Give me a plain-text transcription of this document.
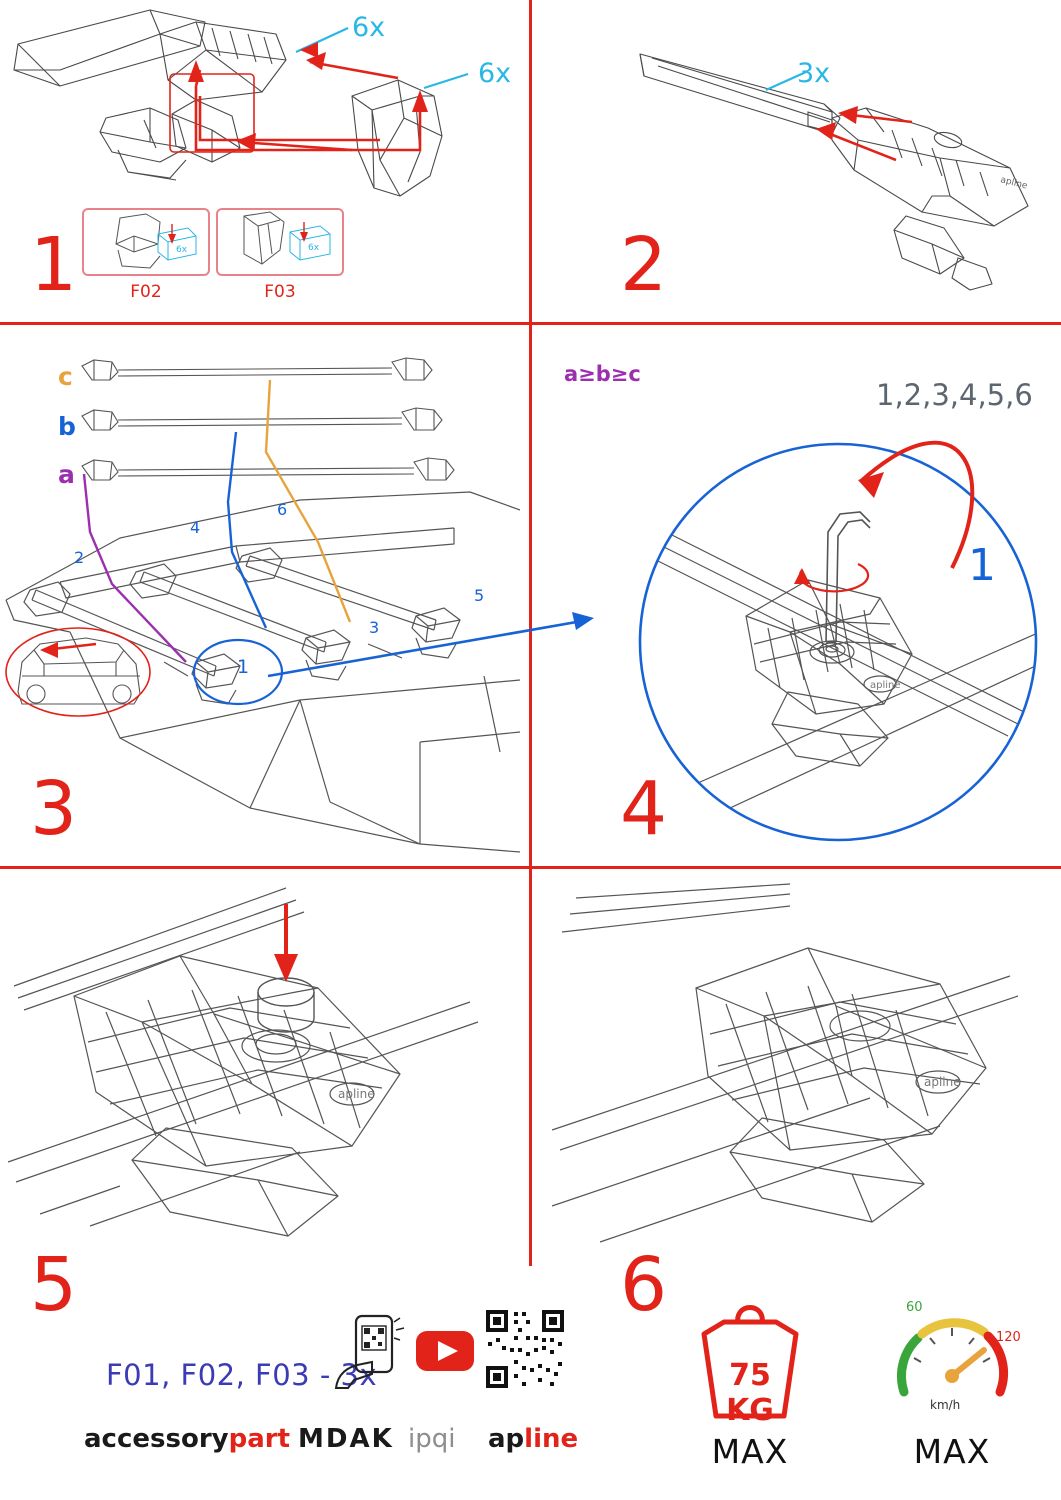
6x
6x
6x
F02
6x
F03
1
apline
3x
2
c
b
a
a≥b≥c
2
4
6
3
5
1
3
apline
1,2,3,4,5,6
1
4
apline
5
apline
6
F01, F02, F03 - 3x
accessorypart MDAK ipqi apline
75 KG
MAX
60
120
km/h
MAX
